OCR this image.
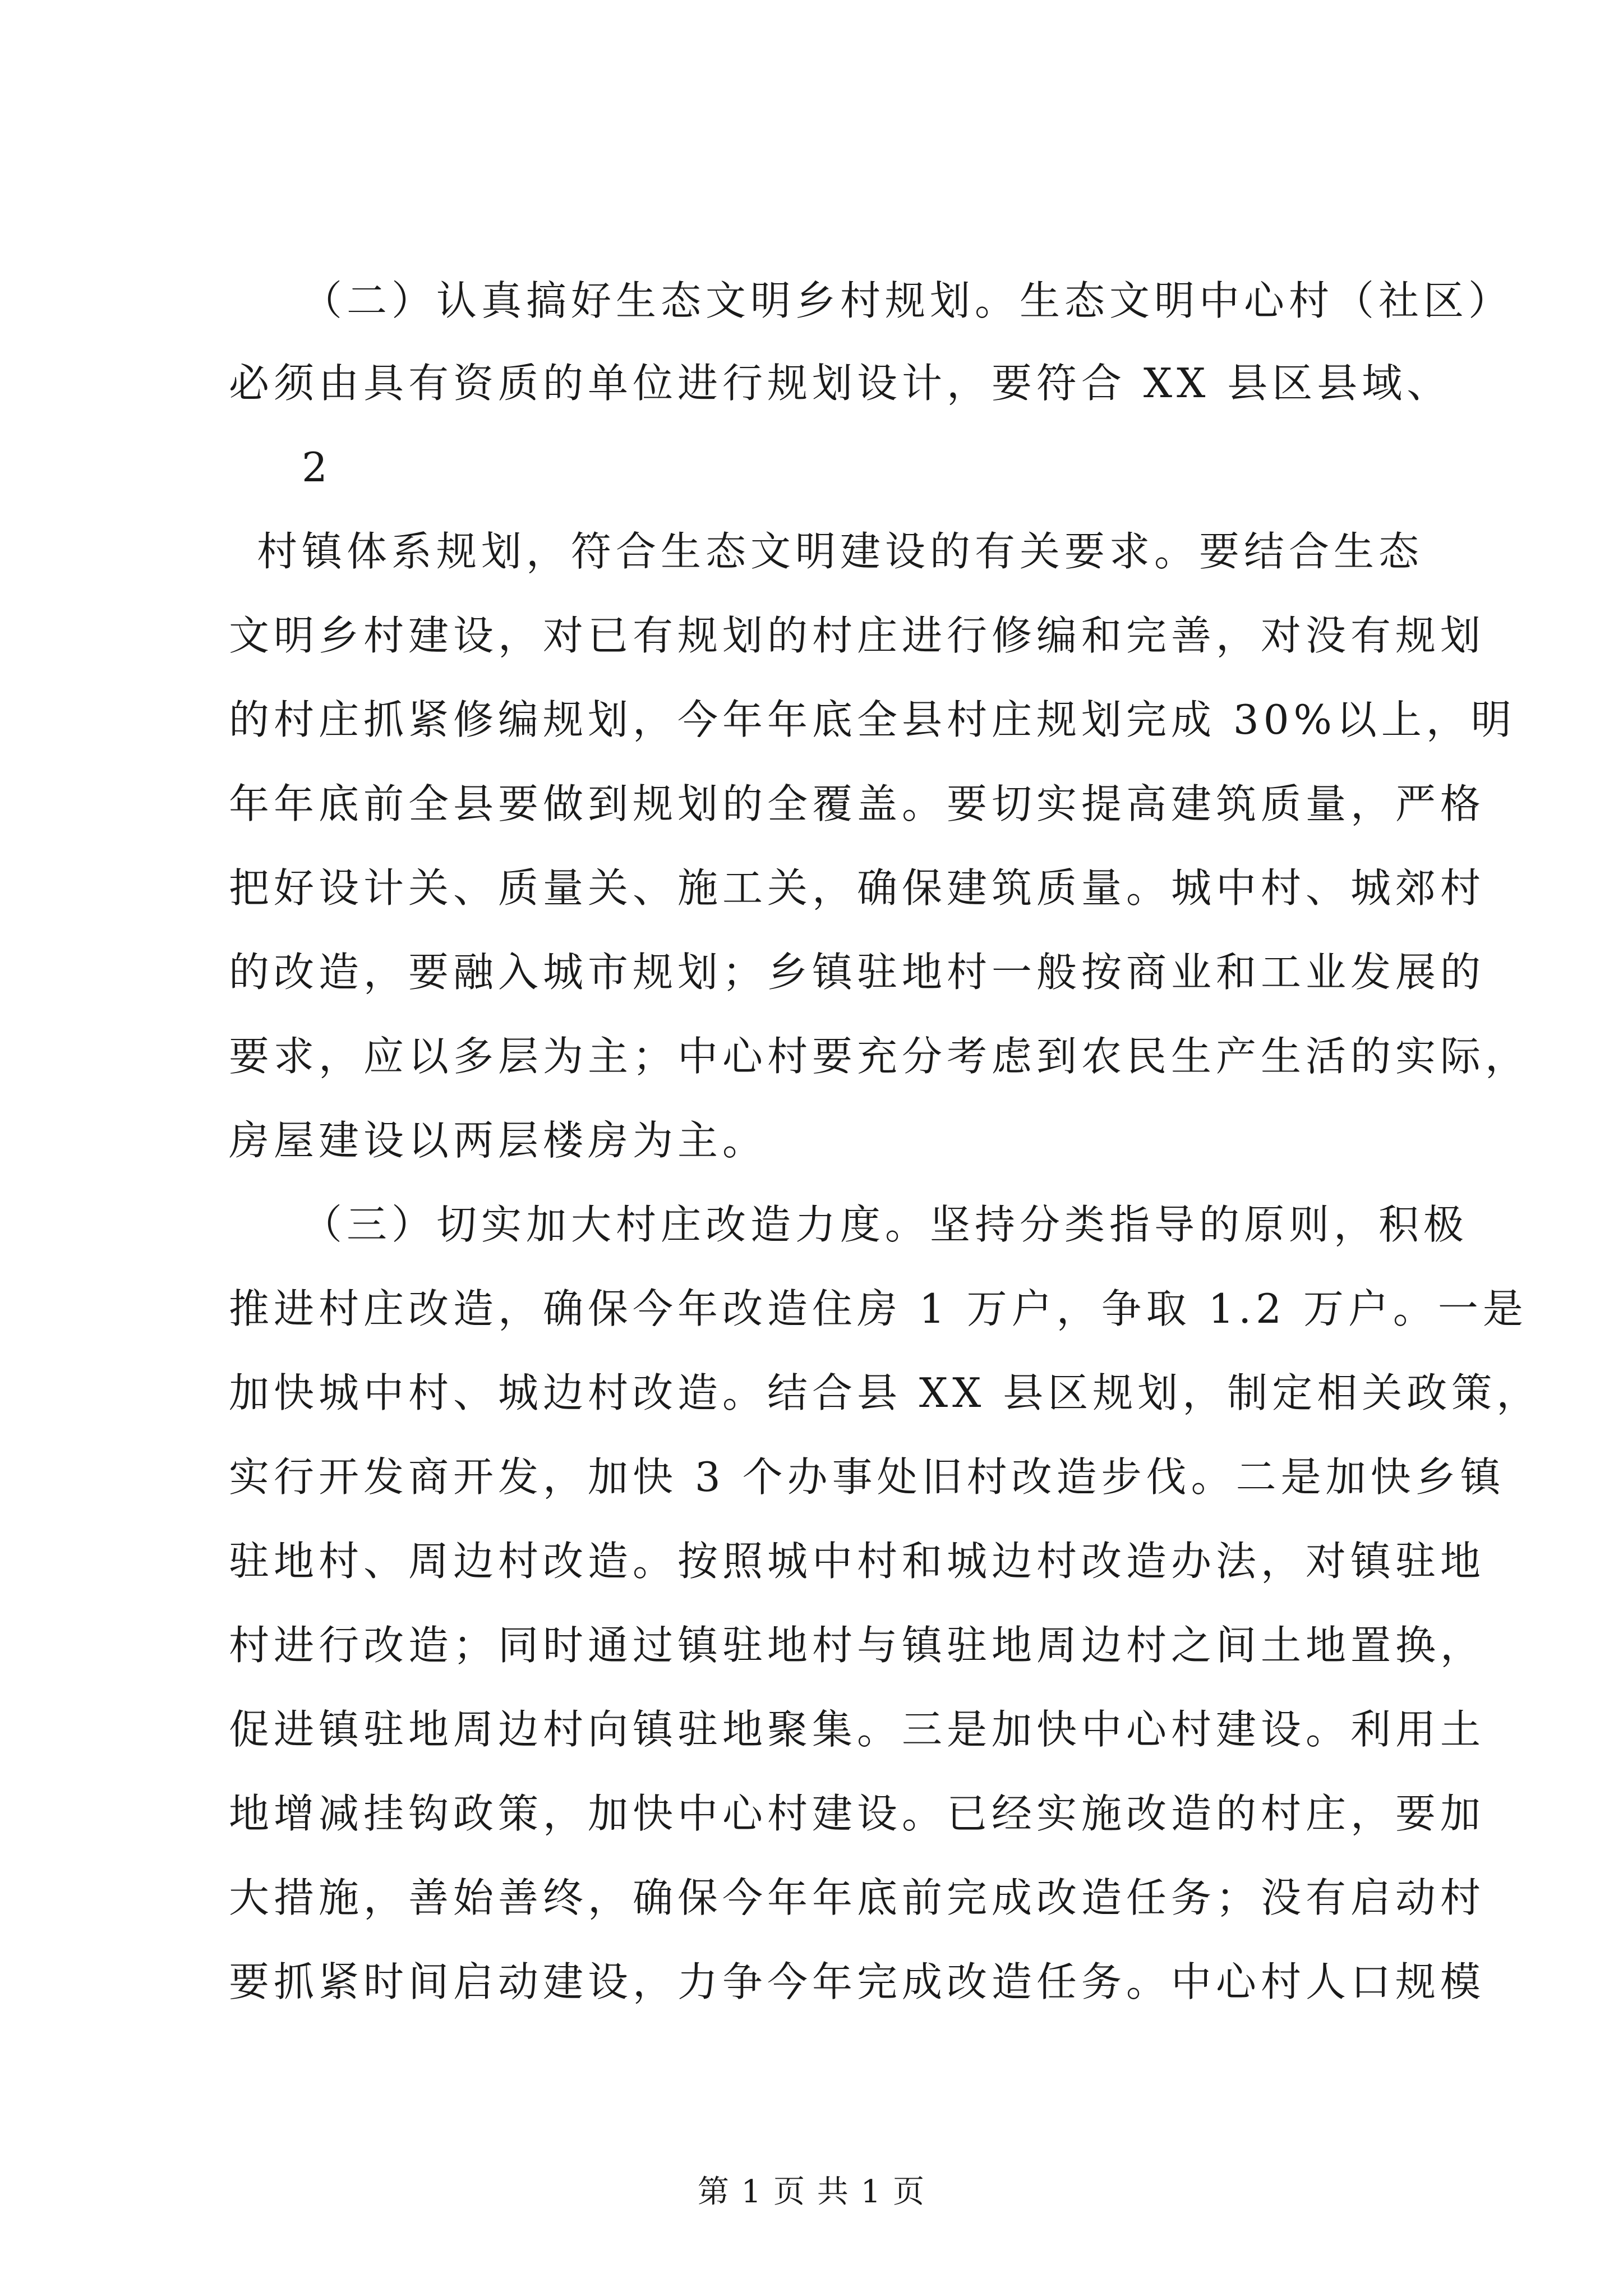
（二）认真搞好生态文明乡村规划。生态文明中心村（社区）
必须由具有资质的单位进行规划设计，要符合 XX 县区县域、
2
村镇体系规划，符合生态文明建设的有关要求。要结合生态
文明乡村建设，对已有规划的村庄进行修编和完善，对没有规划
的村庄抓紧修编规划，今年年底全县村庄规划完成 30%以上，明
年年底前全县要做到规划的全覆盖。要切实提高建筑质量，严格
把好设计关、质量关、施工关，确保建筑质量。城中村、城郊村
的改造，要融入城市规划；乡镇驻地村一般按商业和工业发展的
要求，应以多层为主；中心村要充分考虑到农民生产生活的实际，
房屋建设以两层楼房为主。
（三）切实加大村庄改造力度。坚持分类指导的原则，积极
推进村庄改造，确保今年改造住房 1 万户，争取 1.2 万户。一是
加快城中村、城边村改造。结合县 XX 县区规划，制定相关政策，
实行开发商开发，加快 3 个办事处旧村改造步伐。二是加快乡镇
驻地村、周边村改造。按照城中村和城边村改造办法，对镇驻地
村进行改造；同时通过镇驻地村与镇驻地周边村之间土地置换，
促进镇驻地周边村向镇驻地聚集。三是加快中心村建设。利用土
地增减挂钩政策，加快中心村建设。已经实施改造的村庄，要加
大措施，善始善终，确保今年年底前完成改造任务；没有启动村
要抓紧时间启动建设，力争今年完成改造任务。中心村人口规模
第 1 页 共 1 页
